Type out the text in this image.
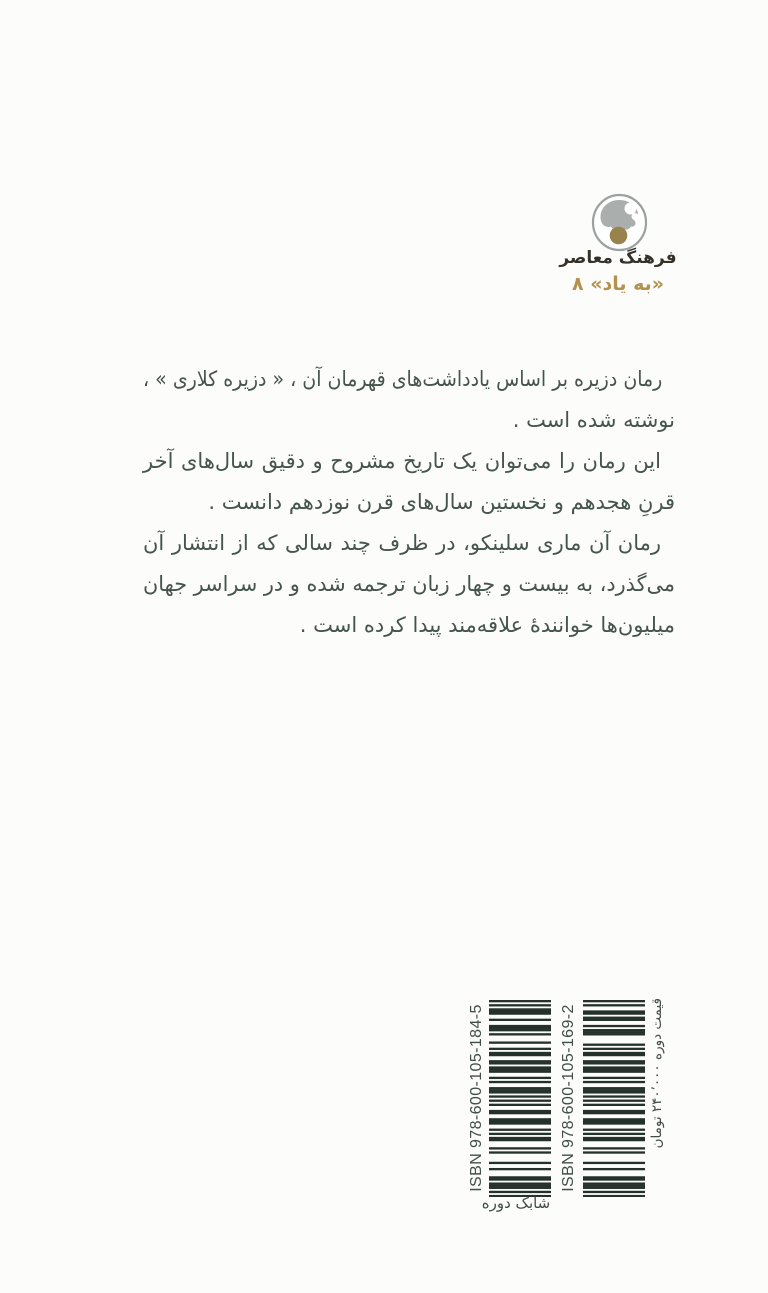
فرهنگ معاصر
«به یاد» ۸
رمان دزیره بر اساس یادداشت‌های قهرمان آن ، « دزیره کلاری » ،
نوشته شده است .
این رمان را می‌توان یک تاریخ مشروح و دقیق سال‌های آخر
قرنِ هجدهم و نخستین سال‌های قرن نوزدهم دانست .
رمان آن ماری سلینکو، در ظرف چند سالی که از انتشار آن
می‌گذرد، به بیست و چهار زبان ترجمه شده و در سراسر جهان
میلیون‌ها خوانندهٔ علاقه‌مند پیدا کرده است .
ISBN 978-600-105-184-5
شابک دوره
ISBN 978-600-105-169-2	قیمت دوره ۲۴۰٬۰۰۰ تومان
